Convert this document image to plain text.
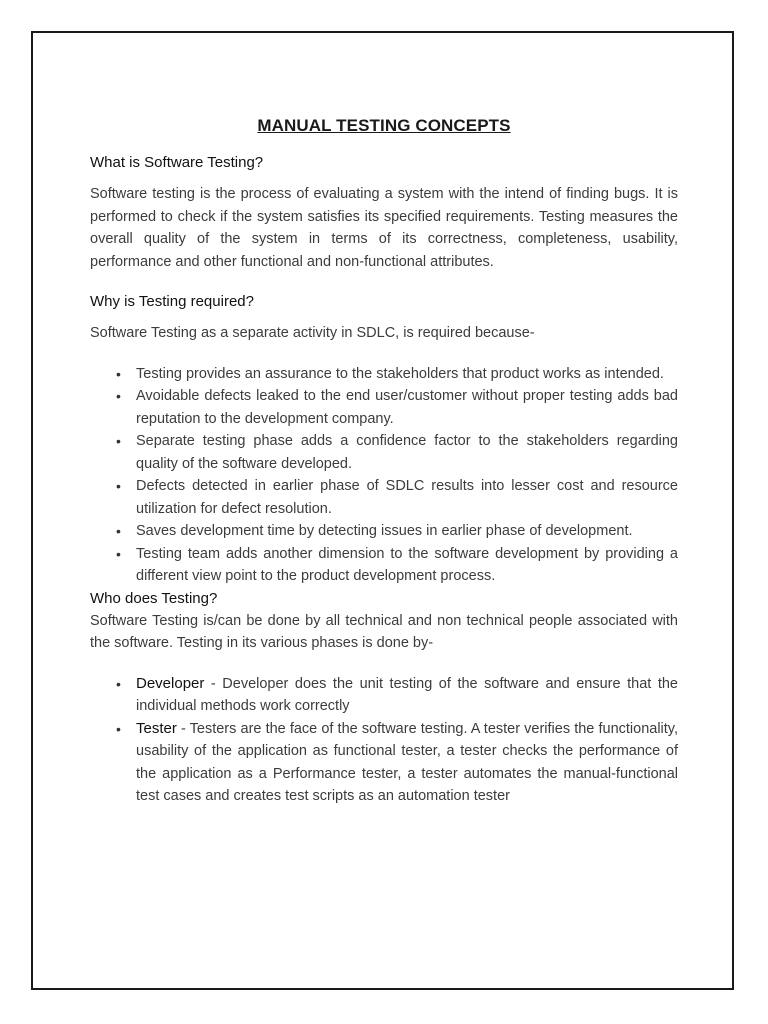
MANUAL TESTING CONCEPTS

What is Software Testing?

Software testing is the process of evaluating a system with the intend of finding bugs. It is performed to check if the system satisfies its specified requirements. Testing measures the overall quality of the system in terms of its correctness, completeness, usability, performance and other functional and non-functional attributes.

Why is Testing required?

Software Testing as a separate activity in SDLC, is required because-

• Testing provides an assurance to the stakeholders that product works as intended.
• Avoidable defects leaked to the end user/customer without proper testing adds bad reputation to the development company.
• Separate testing phase adds a confidence factor to the stakeholders regarding quality of the software developed.
• Defects detected in earlier phase of SDLC results into lesser cost and resource utilization for defect resolution.
• Saves development time by detecting issues in earlier phase of development.
• Testing team adds another dimension to the software development by providing a different view point to the product development process.

Who does Testing?

Software Testing is/can be done by all technical and non technical people associated with the software. Testing in its various phases is done by-

• Developer - Developer does the unit testing of the software and ensure that the individual methods work correctly
• Tester - Testers are the face of the software testing. A tester verifies the functionality, usability of the application as functional tester, a tester checks the performance of the application as a Performance tester, a tester automates the manual-functional test cases and creates test scripts as an automation tester
